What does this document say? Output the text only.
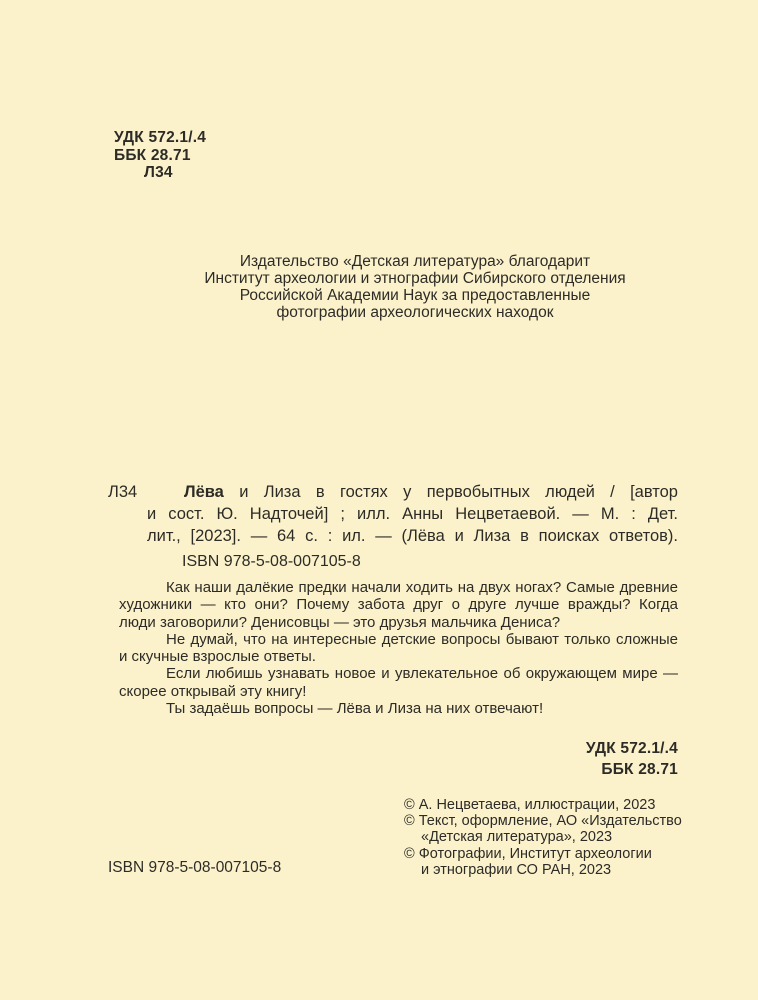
УДК 572.1/.4
ББК 28.71
Л34
Издательство «Детская литература» благодарит
Институт археологии и этнографии Сибирского отделения
Российской Академии Наук за предоставленные
фотографии археологических находок
Л34	Лёва и Лиза в гостях у первобытных людей / [автор
и сост. Ю. Надточей] ; илл. Анны Нецветаевой. — М. : Дет.
лит., [2023]. — 64 с. : ил. — (Лёва и Лиза в поисках ответов).
ISBN 978-5-08-007105-8
Как наши далёкие предки начали ходить на двух ногах? Самые древние
художники — кто они? Почему забота друг о друге лучше вражды? Когда
люди заговорили? Денисовцы — это друзья мальчика Дениса?
Не думай, что на интересные детские вопросы бывают только сложные
и скучные взрослые ответы.
Если любишь узнавать новое и увлекательное об окружающем мире —
скорее открывай эту книгу!
Ты задаёшь вопросы — Лёва и Лиза на них отвечают!
УДК 572.1/.4
ББК 28.71
© А. Нецветаева, иллюстрации, 2023
© Текст, оформление, АО «Издательство
«Детская литература», 2023
© Фотографии, Институт археологии
и этнографии СО РАН, 2023
ISBN 978-5-08-007105-8
